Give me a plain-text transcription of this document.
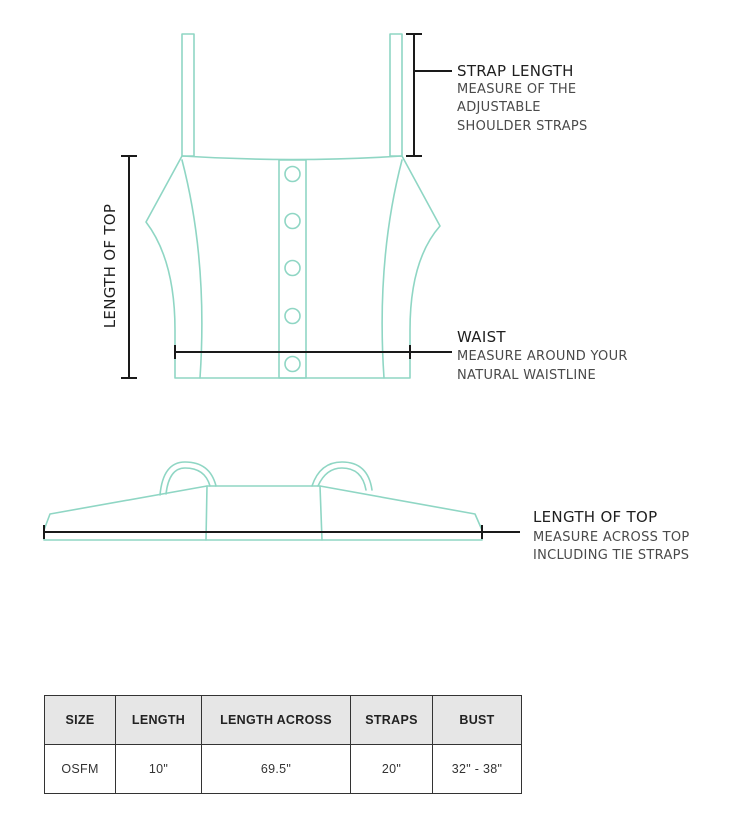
STRAP LENGTH
MEASURE OF THE
ADJUSTABLE
SHOULDER STRAPS
LENGTH OF TOP
WAIST
MEASURE AROUND YOUR
NATURAL WAISTLINE
LENGTH OF TOP
MEASURE ACROSS TOP
INCLUDING TIE STRAPS
SIZE	LENGTH	LENGTH ACROSS	STRAPS	BUST
OSFM	10"	69.5"	20"	32" - 38"
